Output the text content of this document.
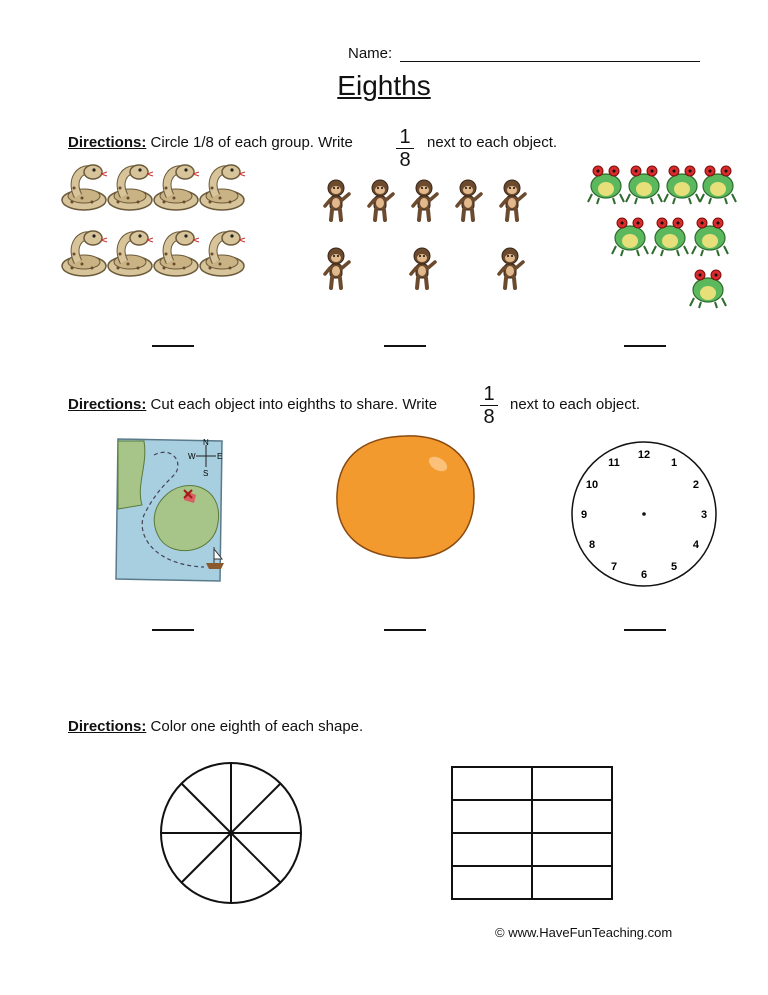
Name:
Eighths
Directions: Circle 1/8 of each group. Write 1
8
next to each object.
Directions: Cut each object into eighths to share. Write 1
8
next to each object.
N
E
S
W	12
1
2
3
4
5
6
7
8
9
10
11
Directions: Color one eighth of each shape.
© www.HaveFunTeaching.com
